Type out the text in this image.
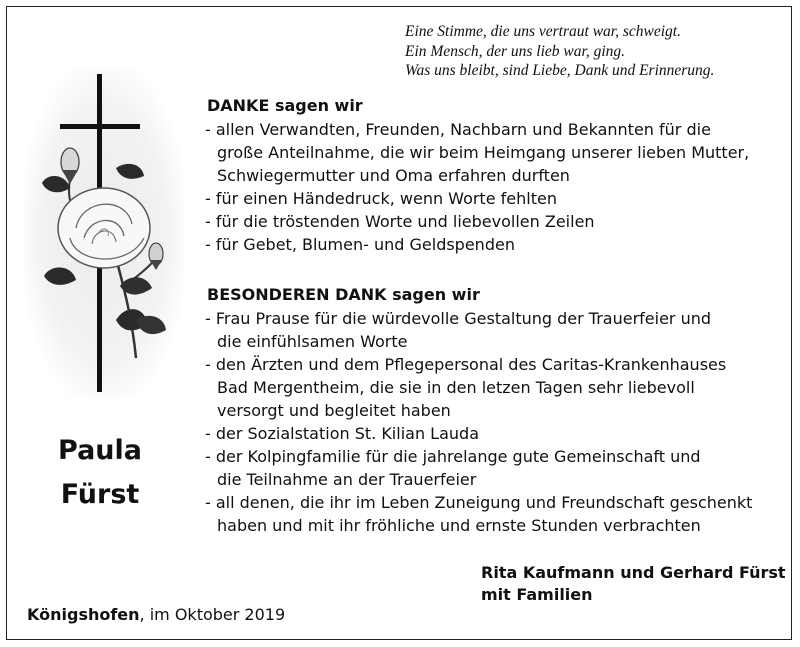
Eine Stimme, die uns vertraut war, schweigt.
Ein Mensch, der uns lieb war, ging.
Was uns bleibt, sind Liebe, Dank und Erinnerung.
Paula
Fürst
DANKE sagen wir
- allen Verwandten, Freunden, Nachbarn und Bekannten für die
große Anteilnahme, die wir beim Heimgang unserer lieben Mutter,
Schwiegermutter und Oma erfahren durften
- für einen Händedruck, wenn Worte fehlten
- für die tröstenden Worte und liebevollen Zeilen
- für Gebet, Blumen- und Geldspenden
BESONDEREN DANK sagen wir
- Frau Prause für die würdevolle Gestaltung der Trauerfeier und
die einfühlsamen Worte
- den Ärzten und dem Pflegepersonal des Caritas-Krankenhauses
Bad Mergentheim, die sie in den letzen Tagen sehr liebevoll
versorgt und begleitet haben
- der Sozialstation St. Kilian Lauda
- der Kolpingfamilie für die jahrelange gute Gemeinschaft und
die Teilnahme an der Trauerfeier
- all denen, die ihr im Leben Zuneigung und Freundschaft geschenkt
haben und mit ihr fröhliche und ernste Stunden verbrachten
Rita Kaufmann und Gerhard Fürst
mit Familien
Königshofen, im Oktober 2019
